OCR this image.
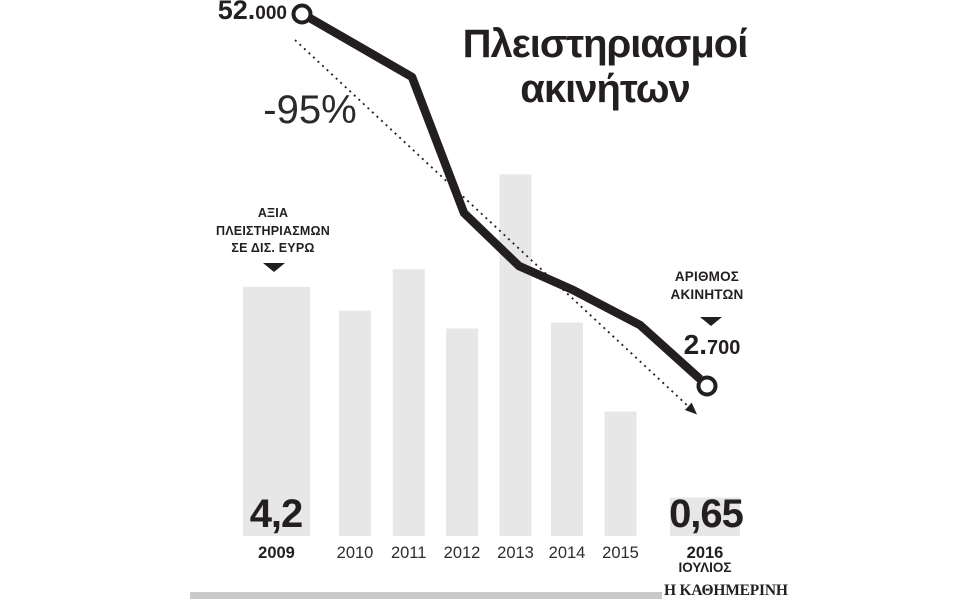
52.000
-95%
Πλειστηριασμοί
ακινήτων
ΑΞΙΑ
ΠΛΕΙΣΤΗΡΙΑΣΜΩΝ
ΣΕ ΔΙΣ. ΕΥΡΩ
ΑΡΙΘΜΟΣ
ΑΚΙΝΗΤΩΝ
2.700
4,2	0,65
2009	2010	2011	2012	2013 2014	2015	2016
ΙΟΥΛΙΟΣ
Η ΚΑΘΗΜΕΡΙΝΗ
